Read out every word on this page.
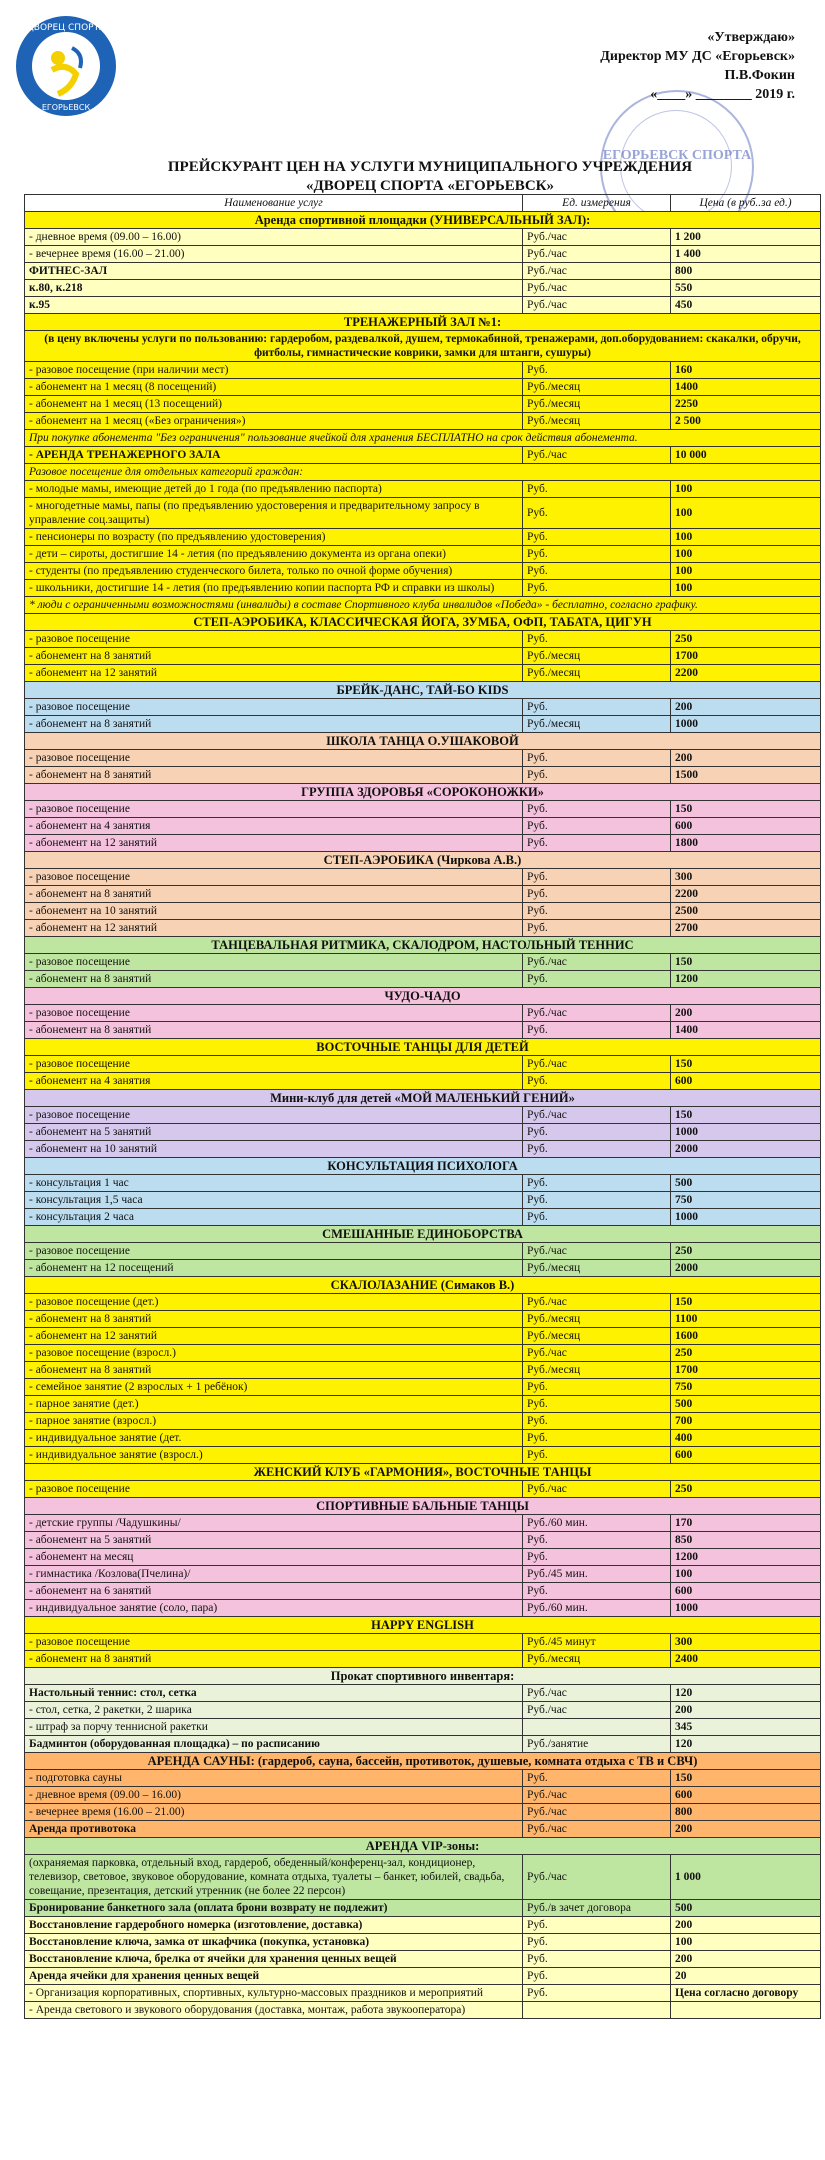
ДВОРЕЦ СПОРТА
ЕГОРЬЕВСК
ЕГОРЬЕВСК СПОРТА
«Утверждаю»
Директор МУ ДС «Егорьевск»
П.В.Фокин
«____» ________ 2019 г.
ПРЕЙСКУРАНТ ЦЕН НА УСЛУГИ МУНИЦИПАЛЬНОГО УЧРЕЖДЕНИЯ
«ДВОРЕЦ СПОРТА «ЕГОРЬЕВСК»
Наименование услуг	Ед. измерения	Цена (в руб..за ед.)
Аренда спортивной площадки (УНИВЕРСАЛЬНЫЙ ЗАЛ):		
- дневное время (09.00 – 16.00)	Руб./час	1 200
- вечернее время (16.00 – 21.00)	Руб./час	1 400
ФИТНЕС-ЗАЛ	Руб./час	800
к.80, к.218	Руб./час	550
к.95	Руб./час	450
ТРЕНАЖЕРНЫЙ ЗАЛ №1:		
(в цену включены услуги по пользованию: гардеробом, раздевалкой, душем, термокабиной, тренажерами, доп.оборудованием: скакалки, обручи, фитболы, гимнастические коврики, замки для штанги, сушуры)		
- разовое посещение (при наличии мест)	Руб.	160
- абонемент на 1 месяц (8 посещений)	Руб./месяц	1400
- абонемент на 1 месяц (13 посещений)	Руб./месяц	2250
- абонемент на 1 месяц («Без ограничения»)	Руб./месяц	2 500
При покупке абонемента "Без ограничения" пользование ячейкой для хранения БЕСПЛАТНО на срок действия абонемента.		
- АРЕНДА ТРЕНАЖЕРНОГО ЗАЛА	Руб./час	10 000
Разовое посещение для отдельных категорий граждан:		
- молодые мамы, имеющие детей до 1 года (по предъявлению паспорта)	Руб.	100
- многодетные мамы, папы (по предъявлению удостоверения и предварительному запросу в управление соц.защиты)	Руб.	100
- пенсионеры по возрасту (по предъявлению удостоверения)	Руб.	100
- дети – сироты, достигшие 14 - летия (по предъявлению документа из органа опеки)	Руб.	100
- студенты (по предъявлению студенческого билета, только по очной форме обучения)	Руб.	100
- школьники, достигшие 14 - летия (по предъявлению копии паспорта РФ и справки из школы)	Руб.	100
* люди с ограниченными возможностями (инвалиды) в составе Спортивного клуба инвалидов «Победа» - бесплатно, согласно графику.		
СТЕП-АЭРОБИКА, КЛАССИЧЕСКАЯ ЙОГА, ЗУМБА, ОФП, ТАБАТА, ЦИГУН		
- разовое посещение	Руб.	250
- абонемент на 8 занятий	Руб./месяц	1700
- абонемент на 12 занятий	Руб./месяц	2200
БРЕЙК-ДАНС, ТАЙ-БО KIDS		
- разовое посещение	Руб.	200
- абонемент на 8 занятий	Руб./месяц	1000
ШКОЛА ТАНЦА О.УШАКОВОЙ		
- разовое посещение	Руб.	200
- абонемент на 8 занятий	Руб.	1500
ГРУППА ЗДОРОВЬЯ «СОРОКОНОЖКИ»		
- разовое посещение	Руб.	150
- абонемент на 4 занятия	Руб.	600
- абонемент на 12 занятий	Руб.	1800
СТЕП-АЭРОБИКА (Чиркова А.В.)		
- разовое посещение	Руб.	300
- абонемент на 8 занятий	Руб.	2200
- абонемент на 10 занятий	Руб.	2500
- абонемент на 12 занятий	Руб.	2700
ТАНЦЕВАЛЬНАЯ РИТМИКА, СКАЛОДРОМ, НАСТОЛЬНЫЙ ТЕННИС		
- разовое посещение	Руб./час	150
- абонемент на 8 занятий	Руб.	1200
ЧУДО-ЧАДО		
- разовое посещение	Руб./час	200
- абонемент на 8 занятий	Руб.	1400
ВОСТОЧНЫЕ ТАНЦЫ ДЛЯ ДЕТЕЙ		
- разовое посещение	Руб./час	150
- абонемент на 4 занятия	Руб.	600
Мини-клуб для детей «МОЙ МАЛЕНЬКИЙ ГЕНИЙ»		
- разовое посещение	Руб./час	150
- абонемент на 5 занятий	Руб.	1000
- абонемент на 10 занятий	Руб.	2000
КОНСУЛЬТАЦИЯ ПСИХОЛОГА		
- консультация 1 час	Руб.	500
- консультация 1,5 часа	Руб.	750
- консультация 2 часа	Руб.	1000
СМЕШАННЫЕ ЕДИНОБОРСТВА		
- разовое посещение	Руб./час	250
- абонемент на 12 посещений	Руб./месяц	2000
СКАЛОЛАЗАНИЕ (Симаков В.)		
- разовое посещение (дет.)	Руб./час	150
- абонемент на 8 занятий	Руб./месяц	1100
- абонемент на 12 занятий	Руб./месяц	1600
- разовое посещение (взросл.)	Руб./час	250
- абонемент на 8 занятий	Руб./месяц	1700
- семейное занятие (2 взрослых + 1 ребёнок)	Руб.	750
- парное занятие (дет.)	Руб.	500
- парное занятие (взросл.)	Руб.	700
- индивидуальное занятие (дет.	Руб.	400
- индивидуальное занятие (взросл.)	Руб.	600
ЖЕНСКИЙ КЛУБ «ГАРМОНИЯ», ВОСТОЧНЫЕ ТАНЦЫ		
- разовое посещение	Руб./час	250
СПОРТИВНЫЕ БАЛЬНЫЕ ТАНЦЫ		
- детские группы /Чадушкины/	Руб./60 мин.	170
- абонемент на 5 занятий	Руб.	850
- абонемент на месяц	Руб.	1200
- гимнастика /Козлова(Пчелина)/	Руб./45 мин.	100
- абонемент на 6 занятий	Руб.	600
- индивидуальное занятие (соло, пара)	Руб./60 мин.	1000
HAPPY ENGLISH		
- разовое посещение	Руб./45 минут	300
- абонемент на 8 занятий	Руб./месяц	2400
Прокат спортивного инвентаря:		
Настольный теннис: стол, сетка	Руб./час	120
- стол, сетка, 2 ракетки, 2 шарика	Руб./час	200
- штраф за порчу теннисной ракетки		345
Бадминтон (оборудованная площадка) – по расписанию	Руб./занятие	120
АРЕНДА САУНЫ: (гардероб, сауна, бассейн, противоток, душевые, комната отдыха с ТВ и СВЧ)		
- подготовка сауны	Руб.	150
- дневное время (09.00 – 16.00)	Руб./час	600
- вечернее время (16.00 – 21.00)	Руб./час	800
Аренда противотока	Руб./час	200
АРЕНДА VIP-зоны:		
(охраняемая парковка, отдельный вход, гардероб, обеденный/конференц-зал, кондиционер, телевизор, световое, звуковое оборудование, комната отдыха, туалеты – банкет, юбилей, свадьба, совещание, презентация, детский утренник (не более 22 персон)	Руб./час	1 000
Бронирование банкетного зала (оплата брони возврату не подлежит)	Руб./в зачет договора	500
Восстановление гардеробного номерка (изготовление, доставка)	Руб.	200
Восстановление ключа, замка от шкафчика (покупка, установка)	Руб.	100
Восстановление ключа, брелка от ячейки для хранения ценных вещей	Руб.	200
Аренда ячейки для хранения ценных вещей	Руб.	20
- Организация корпоративных, спортивных, культурно-массовых праздников и мероприятий	Руб.	Цена согласно договору
- Аренда светового и звукового оборудования (доставка, монтаж, работа звукооператора)		
